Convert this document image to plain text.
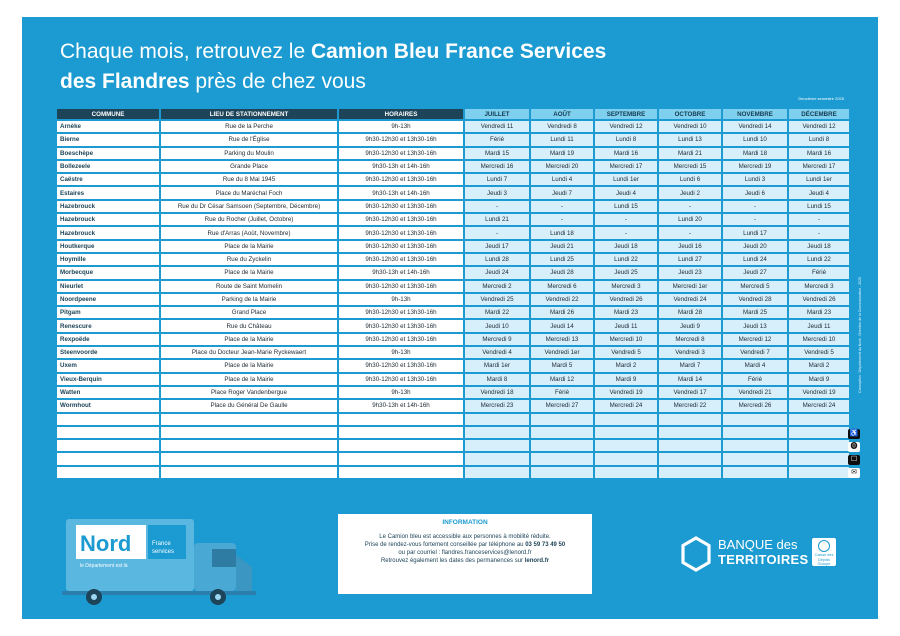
Chaque mois, retrouvez le Camion Bleu France Services
des Flandres près de chez vous
Deuxième semestre 2025
COMMUNE	LIEU DE STATIONNEMENT	HORAIRES	JUILLET	AOÛT	SEPTEMBRE	OCTOBRE	NOVEMBRE	DÉCEMBRE
Arnèke	Rue de la Perche	9h-13h	Vendredi 11	Vendredi 8	Vendredi 12	Vendredi 10	Vendredi 14	Vendredi 12
Bierne	Rue de l'Église	9h30-12h30 et 13h30-16h	Férié	Lundi 11	Lundi 8	Lundi 13	Lundi 10	Lundi 8
Boeschèpe	Parking du Moulin	9h30-12h30 et 13h30-16h	Mardi 15	Mardi 19	Mardi 16	Mardi 21	Mardi 18	Mardi 16
Bollezeele	Grande Place	9h30-13h et 14h-16h	Mercredi 16	Mercredi 20	Mercredi 17	Mercredi 15	Mercredi 19	Mercredi 17
Caëstre	Rue du 8 Mai 1945	9h30-12h30 et 13h30-16h	Lundi 7	Lundi 4	Lundi 1er	Lundi 6	Lundi 3	Lundi 1er
Estaires	Place du Maréchal Foch	9h30-13h et 14h-16h	Jeudi 3	Jeudi 7	Jeudi 4	Jeudi 2	Jeudi 6	Jeudi 4
Hazebrouck	Rue du Dr César Samsoen (Septembre, Décembre)	9h30-12h30 et 13h30-16h	-	-	Lundi 15	-	-	Lundi 15
Hazebrouck	Rue du Rocher (Juillet, Octobre)	9h30-12h30 et 13h30-16h	Lundi 21	-	-	Lundi 20	-	-
Hazebrouck	Rue d'Arras (Août, Novembre)	9h30-12h30 et 13h30-16h	-	Lundi 18	-	-	Lundi 17	-
Houtkerque	Place de la Mairie	9h30-12h30 et 13h30-16h	Jeudi 17	Jeudi 21	Jeudi 18	Jeudi 16	Jeudi 20	Jeudi 18
Hoymille	Rue du Zyckelin	9h30-12h30 et 13h30-16h	Lundi 28	Lundi 25	Lundi 22	Lundi 27	Lundi 24	Lundi 22
Morbecque	Place de la Mairie	9h30-13h et 14h-16h	Jeudi 24	Jeudi 28	Jeudi 25	Jeudi 23	Jeudi 27	Férié
Nieurlet	Route de Saint Momelin	9h30-12h30 et 13h30-16h	Mercredi 2	Mercredi 6	Mercredi 3	Mercredi 1er	Mercredi 5	Mercredi 3
Noordpeene	Parking de la Mairie	9h-13h	Vendredi 25	Vendredi 22	Vendredi 26	Vendredi 24	Vendredi 28	Vendredi 26
Pitgam	Grand Place	9h30-12h30 et 13h30-16h	Mardi 22	Mardi 26	Mardi 23	Mardi 28	Mardi 25	Mardi 23
Renescure	Rue du Château	9h30-12h30 et 13h30-16h	Jeudi 10	Jeudi 14	Jeudi 11	Jeudi 9	Jeudi 13	Jeudi 11
Rexpoëde	Place de la Mairie	9h30-12h30 et 13h30-16h	Mercredi 9	Mercredi 13	Mercredi 10	Mercredi 8	Mercredi 12	Mercredi 10
Steenvoorde	Place du Docteur Jean-Marie Ryckewaert	9h-13h	Vendredi 4	Vendredi 1er	Vendredi 5	Vendredi 3	Vendredi 7	Vendredi 5
Uxem	Place de la Mairie	9h30-12h30 et 13h30-16h	Mardi 1er	Mardi 5	Mardi 2	Mardi 7	Mardi 4	Mardi 2
Vieux-Berquin	Place de la Mairie	9h30-12h30 et 13h30-16h	Mardi 8	Mardi 12	Mardi 9	Mardi 14	Férié	Mardi 9
Watten	Place Roger Vandenbergue	9h-13h	Vendredi 18	Férié	Vendredi 19	Vendredi 17	Vendredi 21	Vendredi 19
Wormhout	Place du Général De Gaulle	9h30-13h et 14h-16h	Mercredi 23	Mercredi 27	Mercredi 24	Mercredi 22	Mercredi 26	Mercredi 24

Conception : Département du Nord - Direction de la Communication - 2025
♿
⓿
☐
✉
Nord
le Département est là
France
services
INFORMATION
Le Camion bleu est accessible aux personnes à mobilité réduite.
Prise de rendez-vous fortement conseillée par téléphone au 03 59 73 49 50
ou par courriel : flandres.franceservices@lenord.fr
Retrouvez également les dates des permanences sur lenord.fr
BANQUE des
TERRITOIRES	Caisse des Dépôts Groupe
